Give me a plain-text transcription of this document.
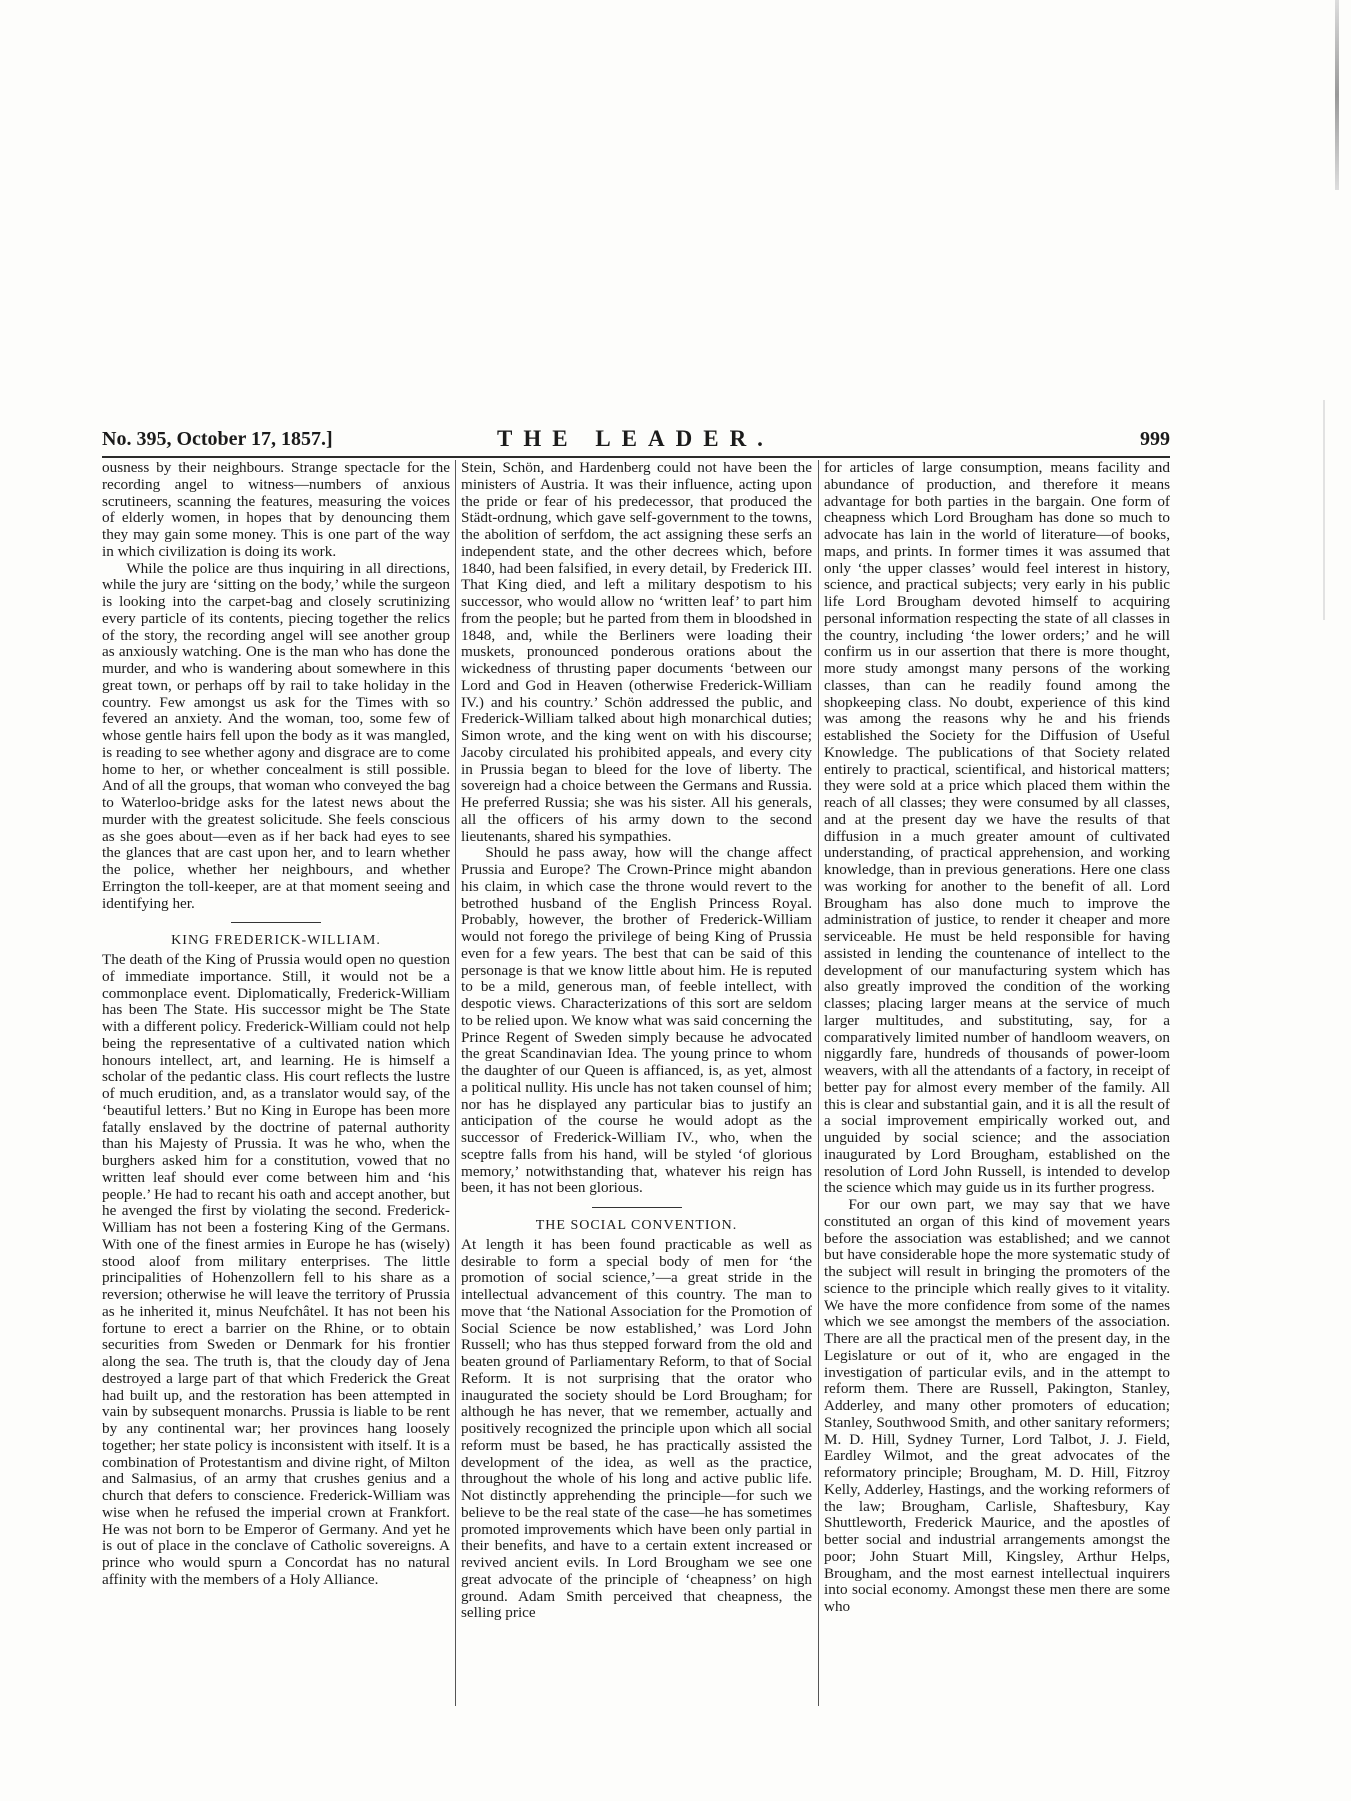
No. 395, October 17, 1857.]	THE LEADER.	999

ousness by their neighbours. Strange spectacle for the recording angel to witness—numbers of anxious scrutineers, scanning the features, measuring the voices of elderly women, in hopes that by denouncing them they may gain some money. This is one part of the way in which civilization is doing its work.

While the police are thus inquiring in all directions, while the jury are ‘sitting on the body,’ while the surgeon is looking into the carpet-bag and closely scrutinizing every particle of its contents, piecing together the relics of the story, the recording angel will see another group as anxiously watching. One is the man who has done the murder, and who is wandering about somewhere in this great town, or perhaps off by rail to take holiday in the country. Few amongst us ask for the Times with so fevered an anxiety. And the woman, too, some few of whose gentle hairs fell upon the body as it was mangled, is reading to see whether agony and disgrace are to come home to her, or whether concealment is still possible. And of all the groups, that woman who conveyed the bag to Waterloo-bridge asks for the latest news about the murder with the greatest solicitude. She feels conscious as she goes about—even as if her back had eyes to see the glances that are cast upon her, and to learn whether the police, whether her neighbours, and whether Errington the toll-keeper, are at that moment seeing and identifying her.

KING FREDERICK-WILLIAM.

The death of the King of Prussia would open no question of immediate importance. Still, it would not be a commonplace event. Diplomatically, Frederick-William has been The State. His successor might be The State with a different policy. Frederick-William could not help being the representative of a cultivated nation which honours intellect, art, and learning. He is himself a scholar of the pedantic class. His court reflects the lustre of much erudition, and, as a translator would say, of the ‘beautiful letters.’ But no King in Europe has been more fatally enslaved by the doctrine of paternal authority than his Majesty of Prussia. It was he who, when the burghers asked him for a constitution, vowed that no written leaf should ever come between him and ‘his people.’ He had to recant his oath and accept another, but he avenged the first by violating the second. Frederick-William has not been a fostering King of the Germans. With one of the finest armies in Europe he has (wisely) stood aloof from military enterprises. The little principalities of Hohenzollern fell to his share as a reversion; otherwise he will leave the territory of Prussia as he inherited it, minus Neufchâtel. It has not been his fortune to erect a barrier on the Rhine, or to obtain securities from Sweden or Denmark for his frontier along the sea. The truth is, that the cloudy day of Jena destroyed a large part of that which Frederick the Great had built up, and the restoration has been attempted in vain by subsequent monarchs. Prussia is liable to be rent by any continental war; her provinces hang loosely together; her state policy is inconsistent with itself. It is a combination of Protestantism and divine right, of Milton and Salmasius, of an army that crushes genius and a church that defers to conscience. Frederick-William was wise when he refused the imperial crown at Frankfort. He was not born to be Emperor of Germany. And yet he is out of place in the conclave of Catholic sovereigns. A prince who would spurn a Concordat has no natural affinity with the members of a Holy Alliance.

Stein, Schön, and Hardenberg could not have been the ministers of Austria. It was their influence, acting upon the pride or fear of his predecessor, that produced the Städt-ordnung, which gave self-government to the towns, the abolition of serfdom, the act assigning these serfs an independent state, and the other decrees which, before 1840, had been falsified, in every detail, by Frederick III. That King died, and left a military despotism to his successor, who would allow no ‘written leaf’ to part him from the people; but he parted from them in bloodshed in 1848, and, while the Berliners were loading their muskets, pronounced ponderous orations about the wickedness of thrusting paper documents ‘between our Lord and God in Heaven (otherwise Frederick-William IV.) and his country.’ Schön addressed the public, and Frederick-William talked about high monarchical duties; Simon wrote, and the king went on with his discourse; Jacoby circulated his prohibited appeals, and every city in Prussia began to bleed for the love of liberty. The sovereign had a choice between the Germans and Russia. He preferred Russia; she was his sister. All his generals, all the officers of his army down to the second lieutenants, shared his sympathies.

Should he pass away, how will the change affect Prussia and Europe? The Crown-Prince might abandon his claim, in which case the throne would revert to the betrothed husband of the English Princess Royal. Probably, however, the brother of Frederick-William would not forego the privilege of being King of Prussia even for a few years. The best that can be said of this personage is that we know little about him. He is reputed to be a mild, generous man, of feeble intellect, with despotic views. Characterizations of this sort are seldom to be relied upon. We know what was said concerning the Prince Regent of Sweden simply because he advocated the great Scandinavian Idea. The young prince to whom the daughter of our Queen is affianced, is, as yet, almost a political nullity. His uncle has not taken counsel of him; nor has he displayed any particular bias to justify an anticipation of the course he would adopt as the successor of Frederick-William IV., who, when the sceptre falls from his hand, will be styled ‘of glorious memory,’ notwithstanding that, whatever his reign has been, it has not been glorious.

THE SOCIAL CONVENTION.

At length it has been found practicable as well as desirable to form a special body of men for ‘the promotion of social science,’—a great stride in the intellectual advancement of this country. The man to move that ‘the National Association for the Promotion of Social Science be now established,’ was Lord John Russell; who has thus stepped forward from the old and beaten ground of Parliamentary Reform, to that of Social Reform. It is not surprising that the orator who inaugurated the society should be Lord Brougham; for although he has never, that we remember, actually and positively recognized the principle upon which all social reform must be based, he has practically assisted the development of the idea, as well as the practice, throughout the whole of his long and active public life. Not distinctly apprehending the principle—for such we believe to be the real state of the case—he has sometimes promoted improvements which have been only partial in their benefits, and have to a certain extent increased or revived ancient evils. In Lord Brougham we see one great advocate of the principle of ‘cheapness’ on high ground. Adam Smith perceived that cheapness, the selling price

for articles of large consumption, means facility and abundance of production, and therefore it means advantage for both parties in the bargain. One form of cheapness which Lord Brougham has done so much to advocate has lain in the world of literature—of books, maps, and prints. In former times it was assumed that only ‘the upper classes’ would feel interest in history, science, and practical subjects; very early in his public life Lord Brougham devoted himself to acquiring personal information respecting the state of all classes in the country, including ‘the lower orders;’ and he will confirm us in our assertion that there is more thought, more study amongst many persons of the working classes, than can he readily found among the shopkeeping class. No doubt, experience of this kind was among the reasons why he and his friends established the Society for the Diffusion of Useful Knowledge. The publications of that Society related entirely to practical, scientifical, and historical matters; they were sold at a price which placed them within the reach of all classes; they were consumed by all classes, and at the present day we have the results of that diffusion in a much greater amount of cultivated understanding, of practical apprehension, and working knowledge, than in previous generations. Here one class was working for another to the benefit of all. Lord Brougham has also done much to improve the administration of justice, to render it cheaper and more serviceable. He must be held responsible for having assisted in lending the countenance of intellect to the development of our manufacturing system which has also greatly improved the condition of the working classes; placing larger means at the service of much larger multitudes, and substituting, say, for a comparatively limited number of handloom weavers, on niggardly fare, hundreds of thousands of power-loom weavers, with all the attendants of a factory, in receipt of better pay for almost every member of the family. All this is clear and substantial gain, and it is all the result of a social improvement empirically worked out, and unguided by social science; and the association inaugurated by Lord Brougham, established on the resolution of Lord John Russell, is intended to develop the science which may guide us in its further progress.

For our own part, we may say that we have constituted an organ of this kind of movement years before the association was established; and we cannot but have considerable hope the more systematic study of the subject will result in bringing the promoters of the science to the principle which really gives to it vitality. We have the more confidence from some of the names which we see amongst the members of the association. There are all the practical men of the present day, in the Legislature or out of it, who are engaged in the investigation of particular evils, and in the attempt to reform them. There are Russell, Pakington, Stanley, Adderley, and many other promoters of education; Stanley, Southwood Smith, and other sanitary reformers; M. D. Hill, Sydney Turner, Lord Talbot, J. J. Field, Eardley Wilmot, and the great advocates of the reformatory principle; Brougham, M. D. Hill, Fitzroy Kelly, Adderley, Hastings, and the working reformers of the law; Brougham, Carlisle, Shaftesbury, Kay Shuttleworth, Frederick Maurice, and the apostles of better social and industrial arrangements amongst the poor; John Stuart Mill, Kingsley, Arthur Helps, Brougham, and the most earnest intellectual inquirers into social economy. Amongst these men there are some who
